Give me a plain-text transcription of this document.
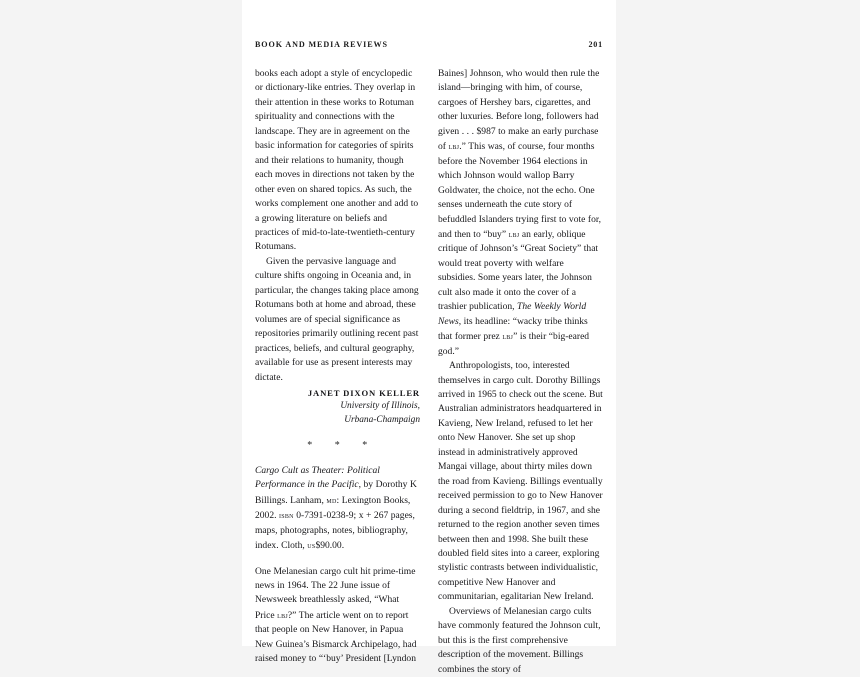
BOOK AND MEDIA REVIEWS	201

books each adopt a style of encyclopedic or dictionary-like entries. They overlap in their attention in these works to Rotuman spirituality and connections with the landscape. They are in agreement on the basic information for categories of spirits and their relations to humanity, though each moves in directions not taken by the other even on shared topics. As such, the works complement one another and add to a growing literature on beliefs and practices of mid-to-late-twentieth-century Rotumans.

Given the pervasive language and culture shifts ongoing in Oceania and, in particular, the changes taking place among Rotumans both at home and abroad, these volumes are of special significance as repositories primarily outlining recent past practices, beliefs, and cultural geography, available for use as present interests may dictate.

JANET DIXON KELLER
University of Illinois,
Urbana-Champaign
* * *

Cargo Cult as Theater: Political Performance in the Pacific, by Dorothy K Billings. Lanham, md: Lexington Books, 2002. isbn 0-7391-0238-9; x + 267 pages, maps, photographs, notes, bibliography, index. Cloth, us$90.00.

One Melanesian cargo cult hit prime-time news in 1964. The 22 June issue of Newsweek breathlessly asked, “What Price lbj?” The article went on to report that people on New Hanover, in Papua New Guinea’s Bismarck Archipelago, had raised money to “‘buy’ President [Lyndon

Baines] Johnson, who would then rule the island—bringing with him, of course, cargoes of Hershey bars, cigarettes, and other luxuries. Before long, followers had given . . . $987 to make an early purchase of lbj.” This was, of course, four months before the November 1964 elections in which Johnson would wallop Barry Goldwater, the choice, not the echo. One senses underneath the cute story of befuddled Islanders trying first to vote for, and then to “buy” lbj an early, oblique critique of Johnson’s “Great Society” that would treat poverty with welfare subsidies. Some years later, the Johnson cult also made it onto the cover of a trashier publication, The Weekly World News, its headline: “wacky tribe thinks that former prez lbj” is their “big-eared god.”

Anthropologists, too, interested themselves in cargo cult. Dorothy Billings arrived in 1965 to check out the scene. But Australian administrators headquartered in Kavieng, New Ireland, refused to let her onto New Hanover. She set up shop instead in administratively approved Mangai village, about thirty miles down the road from Kavieng. Billings eventually received permission to go to New Hanover during a second fieldtrip, in 1967, and she returned to the region another seven times between then and 1998. She built these doubled field sites into a career, exploring stylistic contrasts between individualistic, competitive New Hanover and communitarian, egalitarian New Ireland.

Overviews of Melanesian cargo cults have commonly featured the Johnson cult, but this is the first comprehensive description of the movement. Billings combines the story of
